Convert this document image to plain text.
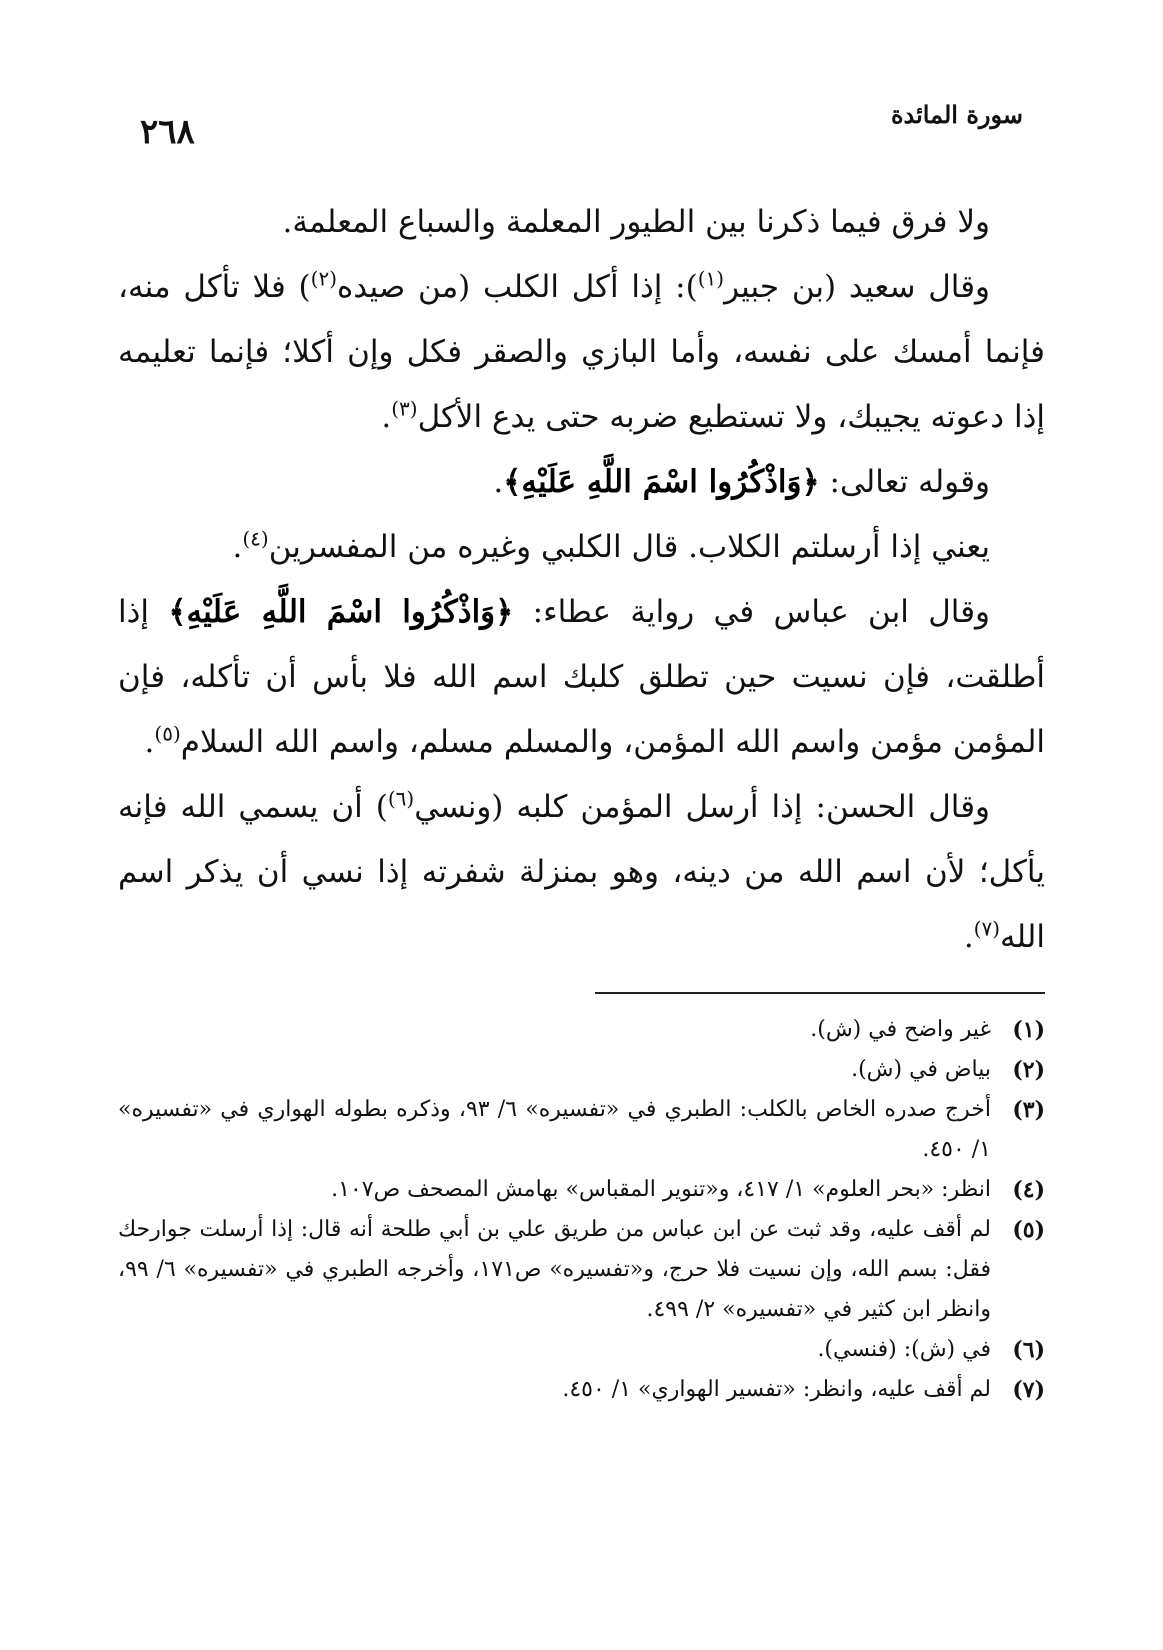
سورة المائدة
٢٦٨

ولا فرق فيما ذكرنا بين الطيور المعلمة والسباع المعلمة.

وقال سعيد (بن جبير$^{(١)}$): إذا أكل الكلب (من صيده$^{(٢)}$) فلا تأكل منه، فإنما أمسك على نفسه، وأما البازي والصقر فكل وإن أكلا؛ فإنما تعليمه إذا دعوته يجيبك، ولا تستطيع ضربه حتى يدع الأكل$^{(٣)}$.

وقوله تعالى: ﴿وَاذْكُرُوا اسْمَ اللَّهِ عَلَيْهِ﴾.

يعني إذا أرسلتم الكلاب. قال الكلبي وغيره من المفسرين$^{(٤)}$.

وقال ابن عباس في رواية عطاء: ﴿وَاذْكُرُوا اسْمَ اللَّهِ عَلَيْهِ﴾ إذا أطلقت، فإن نسيت حين تطلق كلبك اسم الله فلا بأس أن تأكله، فإن المؤمن مؤمن واسم الله المؤمن، والمسلم مسلم، واسم الله السلام$^{(٥)}$.

وقال الحسن: إذا أرسل المؤمن كلبه (ونسي$^{(٦)}$) أن يسمي الله فإنه يأكل؛ لأن اسم الله من دينه، وهو بمنزلة شفرته إذا نسي أن يذكر اسم الله$^{(٧)}$.

(١)
غير واضح في (ش).
(٢)
بياض في (ش).
(٣)
أخرج صدره الخاص بالكلب: الطبري في «تفسيره» ٦/ ٩٣، وذكره بطوله الهواري في «تفسيره» ١/ ٤٥٠.
(٤)
انظر: «بحر العلوم» ١/ ٤١٧، و«تنوير المقباس» بهامش المصحف ص١٠٧.
(٥)
لم أقف عليه، وقد ثبت عن ابن عباس من طريق علي بن أبي طلحة أنه قال: إذا أرسلت جوارحك فقل: بسم الله، وإن نسيت فلا حرج، و«تفسيره» ص١٧١، وأخرجه الطبري في «تفسيره» ٦/ ٩٩، وانظر ابن كثير في «تفسيره» ٢/ ٤٩٩.
(٦)
في (ش): (فنسي).
(٧)
لم أقف عليه، وانظر: «تفسير الهواري» ١/ ٤٥٠.
